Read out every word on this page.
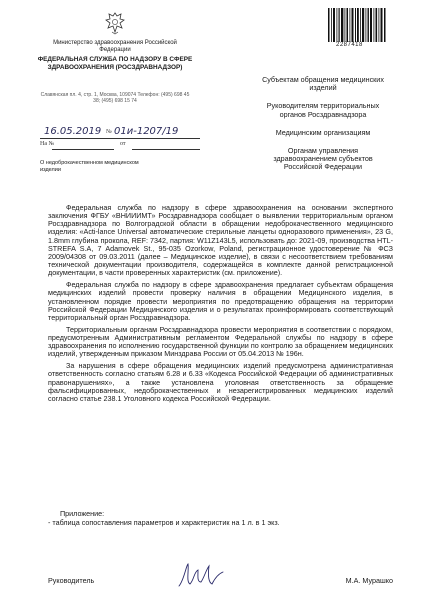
Министерство здравоохранения Российской Федерации
ФЕДЕРАЛЬНАЯ СЛУЖБА ПО НАДЗОРУ В СФЕРЕ ЗДРАВООХРАНЕНИЯ (РОСЗДРАВНАДЗОР)
Славянская пл. 4, стр. 1, Москва, 109074 Телефон: (495) 698 45 38; (495) 698 15 74
16.05.2019 № 01и-1207/19
На №	от
О недоброкачественном медицинском изделии
2287418
Субъектам обращения медицинских изделий
Руководителям территориальных органов Росздравнадзора
Медицинским организациям
Органам управления здравоохранением субъектов Российской Федерации

Федеральная служба по надзору в сфере здравоохранения на основании экспертного заключения ФГБУ «ВНИИИМТ» Росздравнадзора сообщает о выявлении территориальным органом Росздравнадзора по Волгоградской области в обращении недоброкачественного медицинского изделия: «Acti-lance Universal автоматические стерильные ланцеты одноразового применения», 23 G, 1.8mm глубина прокола, REF: 7342, партия: W11Z143L5, использовать до: 2021-09, производства HTL-STREFA S.A, 7 Adamovek St., 95-035 Ozorkow, Poland, регистрационное удостоверение № ФСЗ 2009/04308 от 09.03.2011 (далее – Медицинское изделие), в связи с несоответствием требованиям технической документации производителя, содержащейся в комплекте данной регистрационной документации, в части проверенных характеристик (см. приложение).

Федеральная служба по надзору в сфере здравоохранения предлагает субъектам обращения медицинских изделий провести проверку наличия в обращении Медицинского изделия, в установленном порядке провести мероприятия по предотвращению обращения на территории Российской Федерации Медицинского изделия и о результатах проинформировать соответствующий территориальный орган Росздравнадзора.

Территориальным органам Росздравнадзора провести мероприятия в соответствии с порядком, предусмотренным Административным регламентом Федеральной службы по надзору в сфере здравоохранения по исполнению государственной функции по контролю за обращением медицинских изделий, утвержденным приказом Минздрава России от 05.04.2013 № 196н.

За нарушения в сфере обращения медицинских изделий предусмотрена административная ответственность согласно статьям 6.28 и 6.33 «Кодекса Российской Федерации об административных правонарушениях», а также установлена уголовная ответственность за обращение фальсифицированных, недоброкачественных и незарегистрированных медицинских изделий согласно статье 238.1 Уголовного кодекса Российской Федерации.

Приложение:
- таблица сопоставления параметров и характеристик на 1 л. в 1 экз.
Руководитель	М.А. Мурашко
